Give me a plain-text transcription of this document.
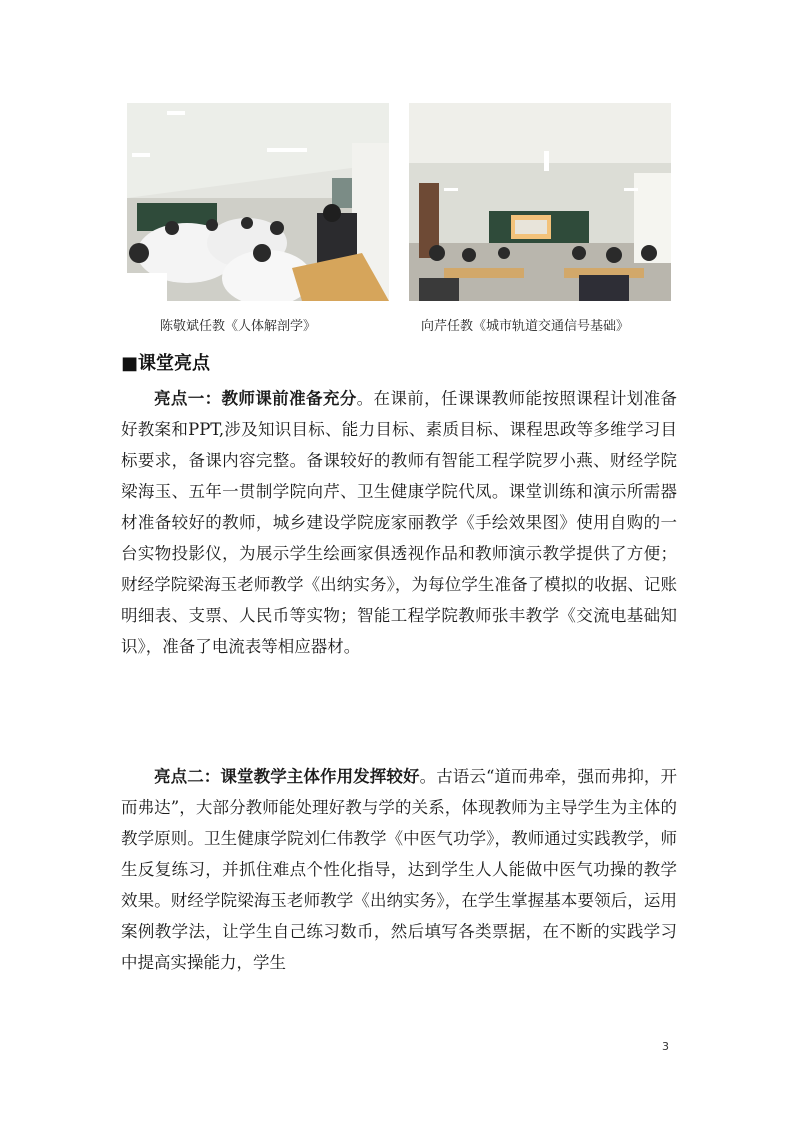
陈敬斌任教《人体解剖学》	向芹任教《城市轨道交通信号基础》
■课堂亮点

亮点一：教师课前准备充分。在课前，任课课教师能按照课程计划准备好教案和PPT,涉及知识目标、能力目标、素质目标、课程思政等多维学习目标要求，备课内容完整。备课较好的教师有智能工程学院罗小燕、财经学院梁海玉、五年一贯制学院向芹、卫生健康学院代凤。课堂训练和演示所需器材准备较好的教师，城乡建设学院庞家丽教学《手绘效果图》使用自购的一台实物投影仪，为展示学生绘画家俱透视作品和教师演示教学提供了方便；财经学院梁海玉老师教学《出纳实务》，为每位学生准备了模拟的收据、记账明细表、支票、人民币等实物；智能工程学院教师张丰教学《交流电基础知识》，准备了电流表等相应器材。

亮点二：课堂教学主体作用发挥较好。古语云“道而弗牵，强而弗抑，开而弗达”，大部分教师能处理好教与学的关系，体现教师为主导学生为主体的教学原则。卫生健康学院刘仁伟教学《中医气功学》，教师通过实践教学，师生反复练习，并抓住难点个性化指导，达到学生人人能做中医气功操的教学效果。财经学院梁海玉老师教学《出纳实务》，在学生掌握基本要领后，运用案例教学法，让学生自己练习数币，然后填写各类票据，在不断的实践学习中提高实操能力，学生

3
